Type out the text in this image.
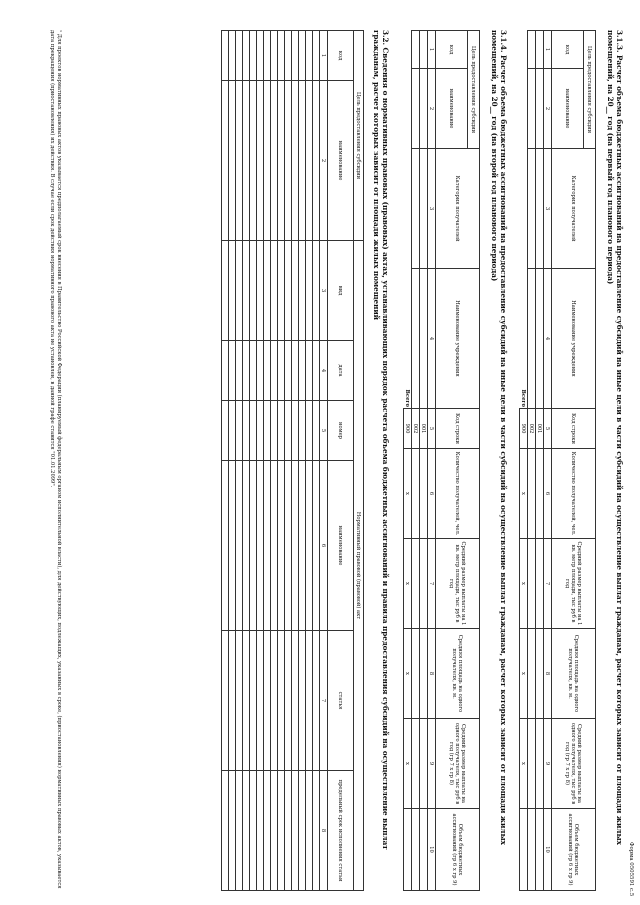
Форма 0505591 с.5
3.1.3. Расчет объема бюджетных ассигнований на предоставление субсидий на иные цели в части субсидий на осуществление выплат гражданам, расчет которых зависит от площади жилых помещений, на 20__ год (на первый год планового периода)
Цель предоставления субсидии		Категория получателей	Наименование учреждения	Код строки	Количество получателей, чел.	Средний размер выплаты на 1 кв. метр площади, тыс руб в год	Средняя площадь на одного получателя, кв. м.	Средний размер выплаты на одного получателя, тыс руб в год (гр 7 x гр 8)	Объем бюджетных ассигнований (гр 6 x гр 9)
код	наименование								
1	2	3	4	5	6	7	8	9	10
				001					
				002					
			Всего	900	х	х	х	х	
3.1.4. Расчет объема бюджетных ассигнований на предоставление субсидий на иные цели в части субсидий на осуществление выплат гражданам, расчет которых зависит от площади жилых помещений, на 20__ год (на второй год планового периода)
Цель предоставления субсидии		Категория получателей	Наименование учреждения	Код строки	Количество получателей, чел.	Средний размер выплаты на 1 кв. метр площади, тыс руб в год	Средняя площадь на одного получателя, кв. м.	Средний размер выплаты на одного получателя, тыс руб в год (гр 7 x гр 8)	Объем бюджетных ассигнований (гр 6 x гр 9)
код	наименование								
1	2	3	4	5	6	7	8	9	10
				001					
				002					
			Всего	900	х	х	х	х	
3.2. Сведения о нормативных правовых (правовых) актах, устанавливающих порядок расчета объема бюджетных ассигнований и правила предоставления субсидий на осуществление выплат гражданам, расчет которых зависит от площади жилых помещений
Цель предоставления субсидии		Нормативный правовой (правовой) акт					
код	наименование	вид	дата	номер	наименование	статья	предельный срок исполнения статьи
1	2	3	4	5	6	7	8

¹ Для проектов нормативных правовых актов указывается предполагаемый срок внесения в Правительство Российской Федерации (планируемый федеральным органом исполнительной власти), для действующих, подлежащих, указанных в сроке, (приостановления) нормативных правовых актов, указывается дата прекращения (приостановления) их действия. В случае если срок действия нормативного правового акта не установлен, в данной графе ставится "01.01.2099".
